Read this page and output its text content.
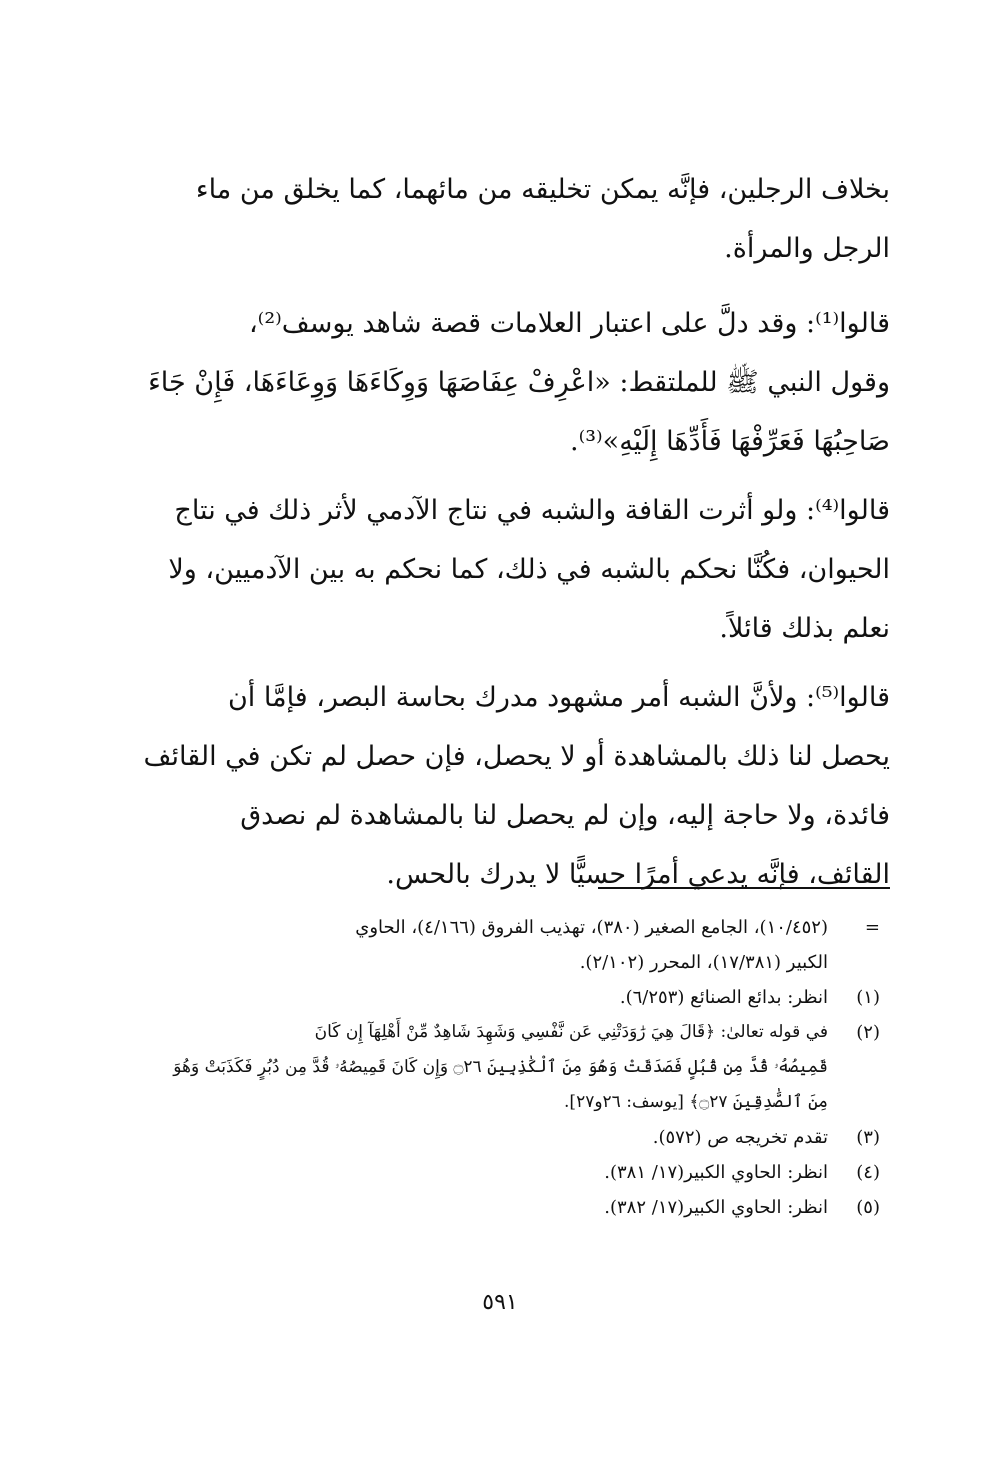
بخلاف الرجلين، فإنَّه يمكن تخليقه من مائهما، كما يخلق من ماء
الرجل والمرأة.

قالوا⁽¹⁾: وقد دلَّ على اعتبار العلامات قصة شاهد يوسف⁽²⁾،
وقول النبي ﷺ للملتقط: «اعْرِفْ عِفَاصَهَا وَوِكَاءَهَا وَوِعَاءَهَا، فَإِنْ جَاءَ
صَاحِبُهَا فَعَرِّفْهَا فَأَدِّهَا إِلَيْهِ»⁽³⁾.

قالوا⁽⁴⁾: ولو أثرت القافة والشبه في نتاج الآدمي لأثر ذلك في نتاج
الحيوان، فكُنَّا نحكم بالشبه في ذلك، كما نحكم به بين الآدميين، ولا
نعلم بذلك قائلاً.

قالوا⁽⁵⁾: ولأنَّ الشبه أمر مشهود مدرك بحاسة البصر، فإمَّا أن
يحصل لنا ذلك بالمشاهدة أو لا يحصل، فإن حصل لم تكن في القائف
فائدة، ولا حاجة إليه، وإن لم يحصل لنا بالمشاهدة لم نصدق
القائف، فإنَّه يدعي أمرًا حسيًّا لا يدرك بالحس.

=
(١٠/٤٥٢)، الجامع الصغير (٣٨٠)، تهذيب الفروق (٤/١٦٦)، الحاوي
الكبير (١٧/٣٨١)، المحرر (٢/١٠٢).
(١)
انظر: بدائع الصنائع (٦/٢٥٣).
(٢)
في قوله تعالىٰ: ﴿قَالَ هِيَ رَٰوَدَتْنِي عَن نَّفْسِي وَشَهِدَ شَاهِدٌ مِّنْ أَهْلِهَآ إِن كَانَ
قَمِيصُهُۥ قُدَّ مِن قُبُلٍ فَصَدَقَتْ وَهُوَ مِنَ ٱلْكَٰذِبِينَ ۝٢٦ وَإِن كَانَ قَمِيصُهُۥ قُدَّ مِن دُبُرٍ فَكَذَبَتْ وَهُوَ
مِنَ ٱلصَّٰدِقِينَ ۝٢٧﴾ [يوسف: ٢٦و٢٧].
(٣)
تقدم تخريجه ص (٥٧٢).
(٤)
انظر: الحاوي الكبير(١٧/ ٣٨١).
(٥)
انظر: الحاوي الكبير(١٧/ ٣٨٢).
٥٩١
